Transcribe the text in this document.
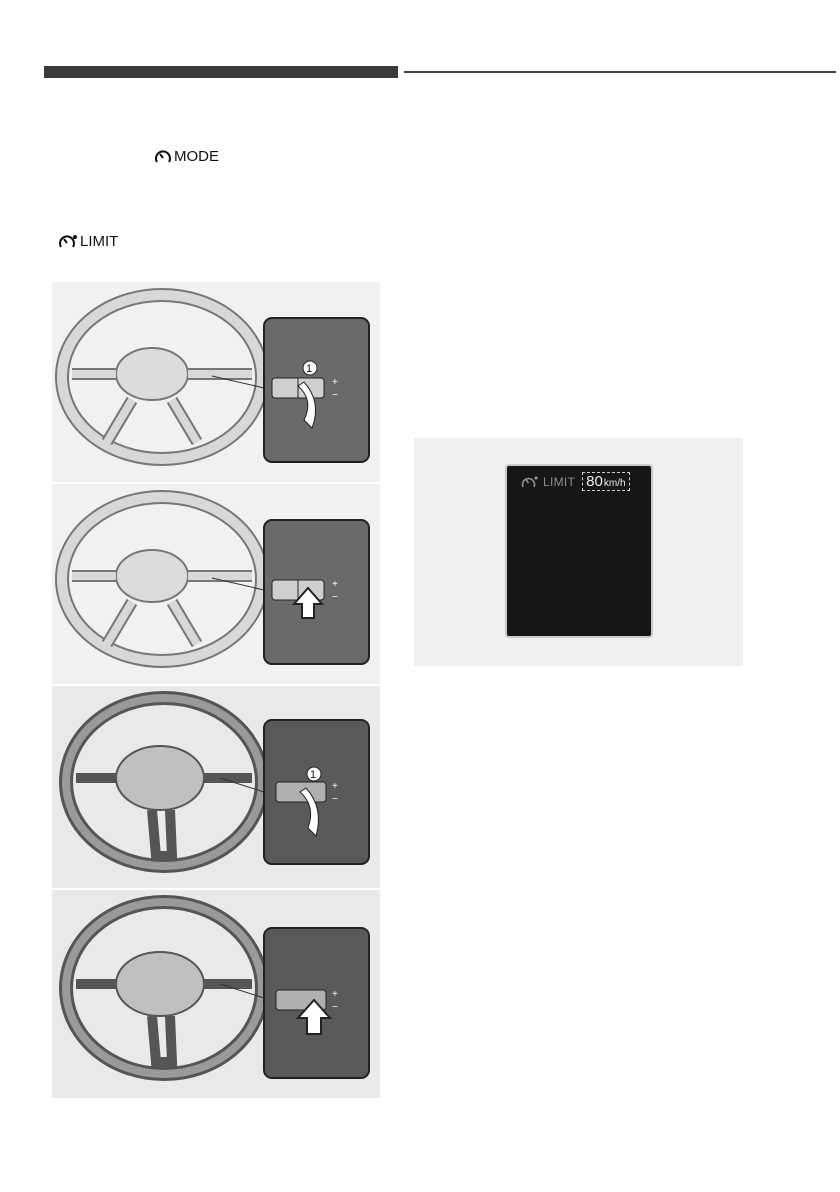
MODE
LIMIT
+
−
1
+
−
+
−
1
+
−
LIMIT 80 km/h
